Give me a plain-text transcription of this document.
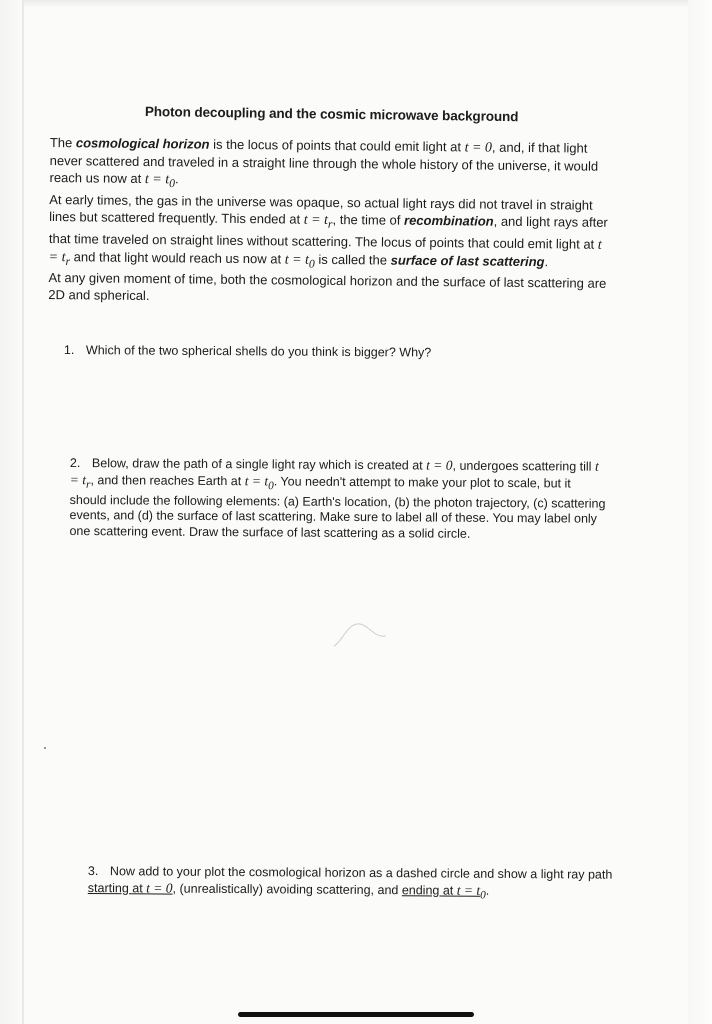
Photon decoupling and the cosmic microwave background

The cosmological horizon is the locus of points that could emit light at t = 0, and, if that light never scattered and traveled in a straight line through the whole history of the universe, it would reach us now at $t = t_0$.

At early times, the gas in the universe was opaque, so actual light rays did not travel in straight lines but scattered frequently. This ended at $t = t_r$, the time of recombination, and light rays after that time traveled on straight lines without scattering. The locus of points that could emit light at $t = t_r$ and that light would reach us now at $t = t_0$ is called the surface of last scattering.

At any given moment of time, both the cosmological horizon and the surface of last scattering are 2D and spherical.

1. Which of the two spherical shells do you think is bigger? Why?
2. Below, draw the path of a single light ray which is created at t = 0, undergoes scattering till $t = t_r$, and then reaches Earth at $t = t_0$. You needn't attempt to make your plot to scale, but it should include the following elements: (a) Earth's location, (b) the photon trajectory, (c) scattering events, and (d) the surface of last scattering. Make sure to label all of these. You may label only one scattering event. Draw the surface of last scattering as a solid circle.
3. Now add to your plot the cosmological horizon as a dashed circle and show a light ray path starting at t = 0, (unrealistically) avoiding scattering, and ending at $t = t_0$.
